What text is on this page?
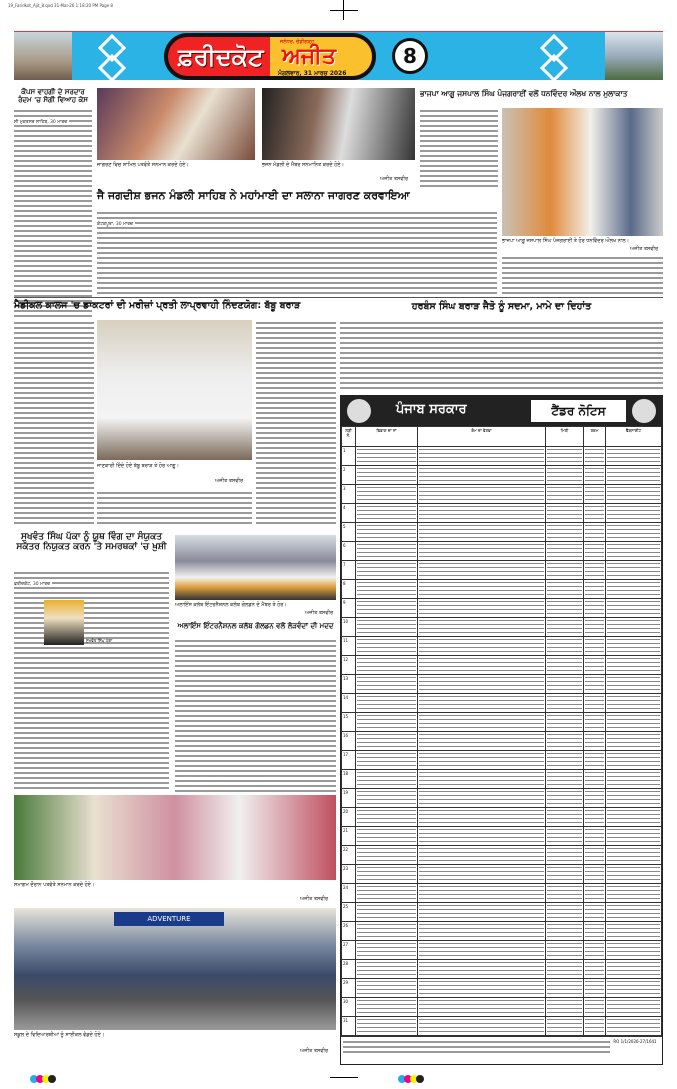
19_Faridkot_Ajit_8.qxd 31-Mar-26 1:18:20 PM Page 8
ਫ਼ਰੀਦਕੋਟ
ਜਲੰਧਰ, ਚੰਡੀਗੜ੍ਹ
ਅਜੀਤ
ਮੰਗਲਵਾਰ, 31 ਮਾਰਚ 2026
8
ਕੌਪਸ ਵਾਹਗੀ ਦੇ ਸਰਦਾਰ ਰੰਦਮ 'ਚ ਸੋਗੀ ਵਿਆਹ ਕੇਸ
ਸੀ ਮੁਕਤਸਰ ਸਾਹਿਬ, 30 ਮਾਰਚ
ਜਾਗਰਣ ਵਿਚ ਸ਼ਾਮਿਲ ਪਤਵੰਤੇ ਸਨਮਾਨ ਕਰਦੇ ਹੋਏ।	ਭਜਨ ਮੰਡਲੀ ਦੇ ਮੈਂਬਰ ਸਨਮਾਨਿਤ ਕਰਦੇ ਹੋਏ।
ਅਜੀਤ ਤਸਵੀਰ
ਜੈ ਜਗਦੀਸ਼ ਭਜਨ ਮੰਡਲੀ ਸਾਹਿਬ ਨੇ ਮਹਾਂਮਾਈ ਦਾ ਸਲਾਨਾ ਜਾਗਰਣ ਕਰਵਾਇਆ
ਕੋਟਕਪੂਰਾ, 30 ਮਾਰਚ
ਭਾਜਪਾ ਆਗੂ ਜਸਪਾਲ ਸਿੰਘ ਪੰਜਗਰਾਈਂ ਵਲੋਂ ਧਨਵਿੰਦਰ ਔਲਖ ਨਾਲ ਮੁਲਾਕਾਤ
ਭਾਜਪਾ ਆਗੂ ਜਸਪਾਲ ਸਿੰਘ ਪੰਜਗਰਾਈਂ ਤੇ ਹੋਰ ਧਨਵਿੰਦਰ ਔਲਖ ਨਾਲ।
ਅਜੀਤ ਤਸਵੀਰ
ਮੈਡੀਕਲ ਕਾਲਜ 'ਚ ਡਾਕਟਰਾਂ ਦੀ ਮਰੀਜ਼ਾਂ ਪ੍ਰਤੀ ਲਾਪ੍ਰਵਾਹੀ ਨਿੰਦਣਯੋਗ: ਬੱਬੂ ਬਰਾੜ
ਜਾਣਕਾਰੀ ਦਿੰਦੇ ਹੋਏ ਬੱਬੂ ਬਰਾੜ ਤੇ ਹੋਰ ਆਗੂ।
ਅਜੀਤ ਤਸਵੀਰ
ਹਰਬੰਸ ਸਿੰਘ ਬਰਾੜ ਜੈਤੋ ਨੂੰ ਸਦਮਾ, ਮਾਮੇ ਦਾ ਦਿਹਾਂਤ
ਪੰਜਾਬ ਸਰਕਾਰ	ਟੈਂਡਰ ਨੋਟਿਸ
ਲੜੀ ਨੰ.	ਵਿਭਾਗ ਦਾ ਨਾਂ	ਕੰਮ ਦਾ ਵੇਰਵਾ	ਮਿਤੀ	ਰਕਮ	ਵੈੱਬਸਾਈਟ
1	

2	

3	

4	

5	

6	

7	

8	

9	

10	

11	

12	

13	

14	

15	

16	

17	

18	

19	

20	

21	

22	

23	

24	

25	

26	

27	

28	

29	

30	

31	

RO 1/1/2026-27/1641
ਸੁਖਵੰਤ ਸਿੰਘ ਪੱਕਾ ਨੂੰ ਯੂਥ ਵਿੰਗ ਦਾ ਸੰਯੁਕਤ ਸਕੱਤਰ ਨਿਯੁਕਤ ਕਰਨ 'ਤੇ ਸਮਰਥਕਾਂ 'ਚ ਖ਼ੁਸ਼ੀ
ਫ਼ਰੀਦਕੋਟ, 30 ਮਾਰਚ
ਸੁਖਵੰਤ ਸਿੰਘ ਪੱਕਾ
ਅਲਾਇੰਸ ਕਲੱਬ ਇੰਟਰਨੈਸ਼ਨਲ ਕਲੱਬ ਗੋਲਡਨ ਦੇ ਮੈਂਬਰ ਤੇ ਹੋਰ।
ਅਜੀਤ ਤਸਵੀਰ
ਅਲਾਇੰਸ ਇੰਟਰਨੈਸ਼ਨਲ ਕਲੱਬ ਗੋਲਡਨ ਵਲੋਂ ਲੋੜਵੰਦਾਂ ਦੀ ਮਦਦ
ਸਮਾਗਮ ਦੌਰਾਨ ਪਤਵੰਤੇ ਸਨਮਾਨ ਕਰਦੇ ਹੋਏ।
ਅਜੀਤ ਤਸਵੀਰ
ADVENTURE
ਸਕੂਲ ਦੇ ਵਿਦਿਆਰਥੀਆਂ ਨੂੰ ਸਾਈਕਲ ਵੰਡਦੇ ਹੋਏ।
ਅਜੀਤ ਤਸਵੀਰ
